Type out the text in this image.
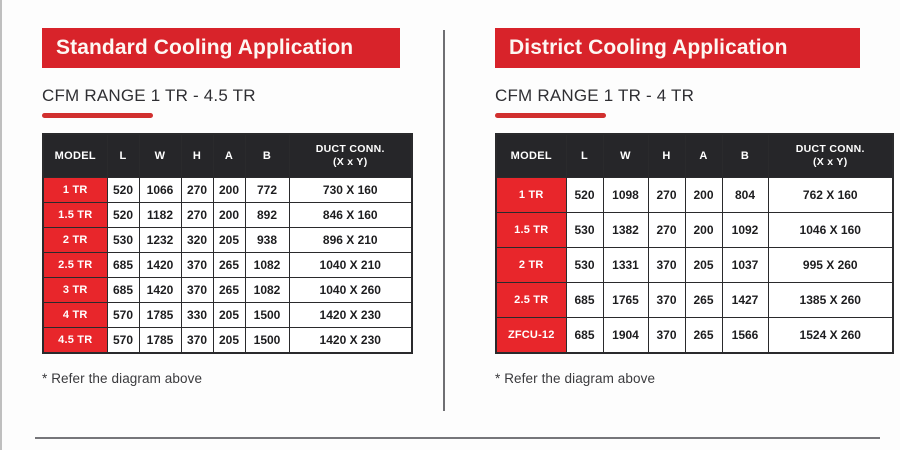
Standard Cooling Application
CFM RANGE 1 TR - 4.5 TR
MODEL	L	W	H	A	B	DUCT CONN.
(X x Y)
1 TR	520	1066	270	200	772	730 X 160
1.5 TR	520	1182	270	200	892	846 X 160
2 TR	530	1232	320	205	938	896 X 210
2.5 TR	685	1420	370	265	1082	1040 X 210
3 TR	685	1420	370	265	1082	1040 X 260
4 TR	570	1785	330	205	1500	1420 X 230
4.5 TR	570	1785	370	205	1500	1420 X 230
* Refer the diagram above
District Cooling Application
CFM RANGE 1 TR - 4 TR
MODEL	L	W	H	A	B	DUCT CONN.
(X x Y)
1 TR	520	1098	270	200	804	762 X 160
1.5 TR	530	1382	270	200	1092	1046 X 160
2 TR	530	1331	370	205	1037	995 X 260
2.5 TR	685	1765	370	265	1427	1385 X 260
ZFCU-12	685	1904	370	265	1566	1524 X 260
* Refer the diagram above
